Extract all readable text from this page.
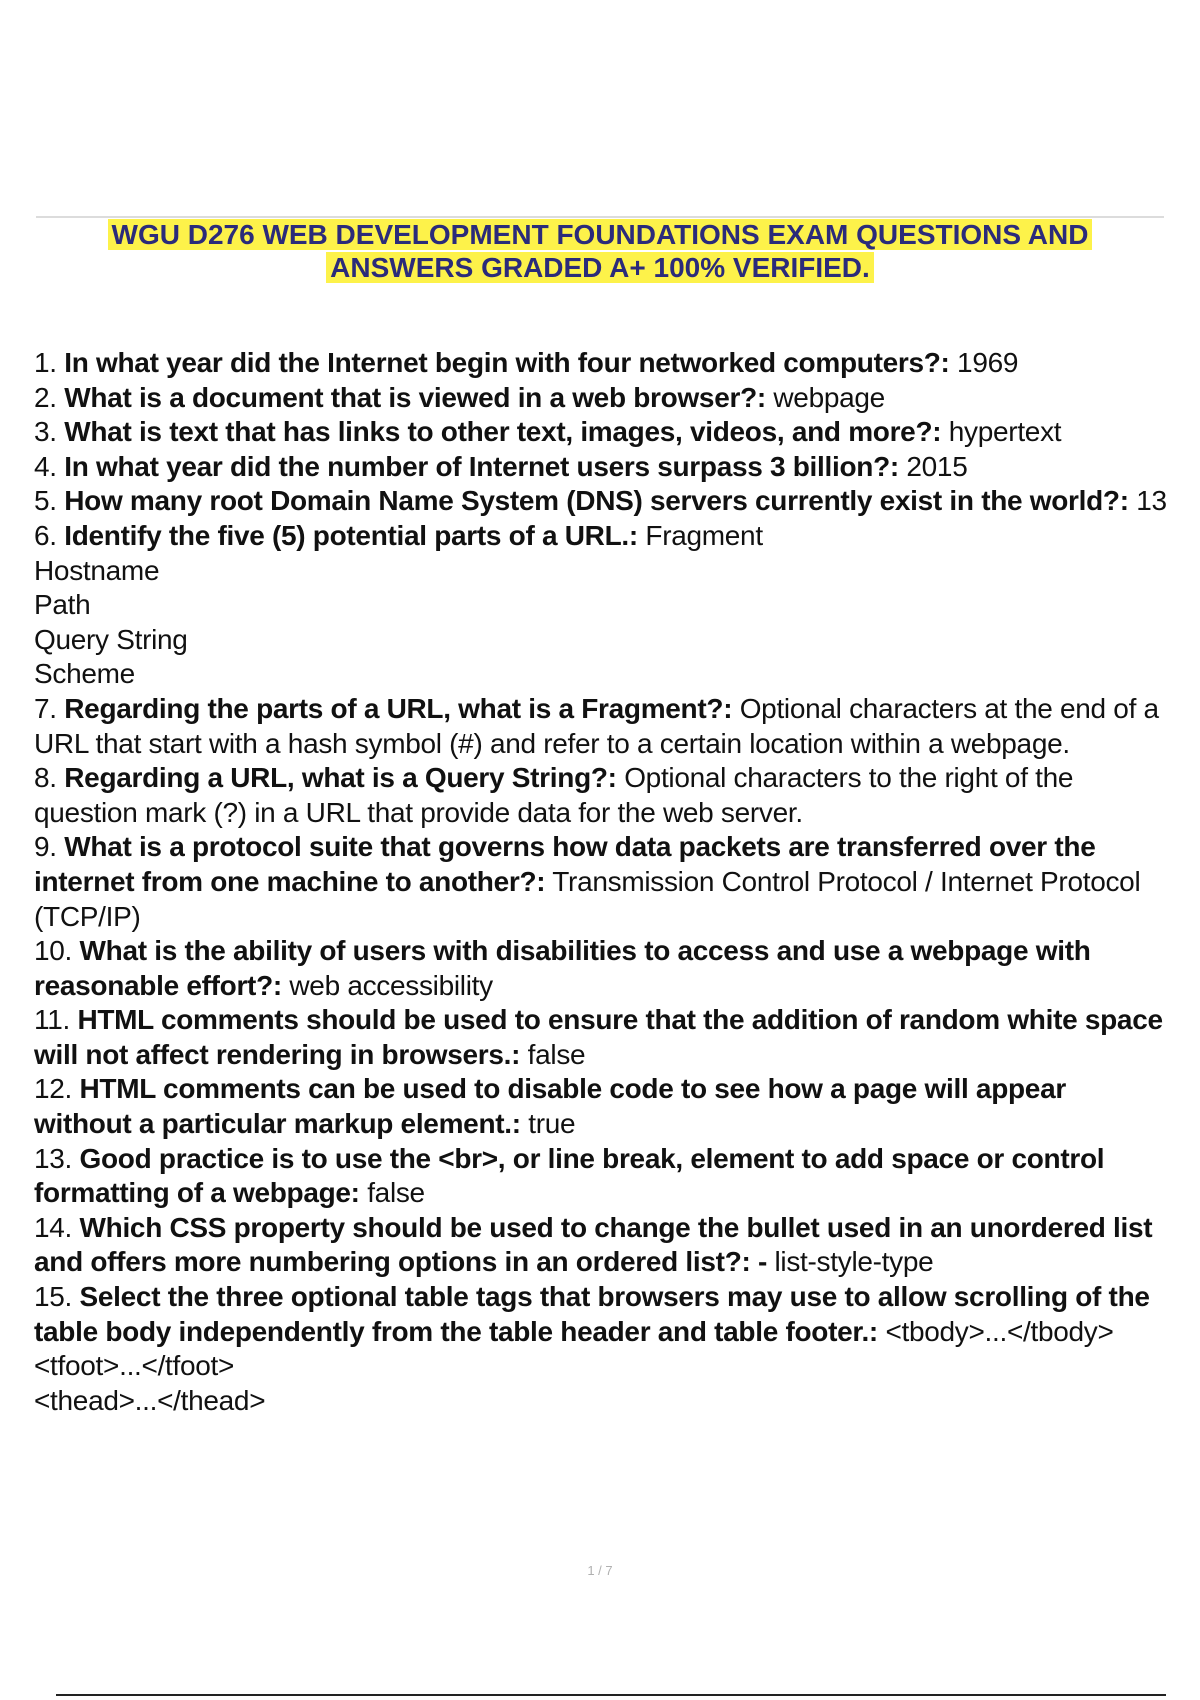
WGU D276 WEB DEVELOPMENT FOUNDATIONS EXAM QUESTIONS AND ANSWERS GRADED A+ 100% VERIFIED.
1. In what year did the Internet begin with four networked computers?: 1969
2. What is a document that is viewed in a web browser?: webpage
3. What is text that has links to other text, images, videos, and more?: hypertext
4. In what year did the number of Internet users surpass 3 billion?: 2015
5. How many root Domain Name System (DNS) servers currently exist in the world?: 13
6. Identify the five (5) potential parts of a URL.: Fragment
Hostname
Path
Query String
Scheme
7. Regarding the parts of a URL, what is a Fragment?: Optional characters at the end of a URL that start with a hash symbol (#) and refer to a certain location within a webpage.
8. Regarding a URL, what is a Query String?: Optional characters to the right of the question mark (?) in a URL that provide data for the web server.
9. What is a protocol suite that governs how data packets are transferred over the internet from one machine to another?: Transmission Control Protocol / Internet Protocol (TCP/IP)
10. What is the ability of users with disabilities to access and use a webpage with reasonable effort?: web accessibility
11. HTML comments should be used to ensure that the addition of random white space will not affect rendering in browsers.: false
12. HTML comments can be used to disable code to see how a page will appear without a particular markup element.: true
13. Good practice is to use the <br>, or line break, element to add space or control formatting of a webpage: false
14. Which CSS property should be used to change the bullet used in an unordered list and offers more numbering options in an ordered list?: - list-style-type
15. Select the three optional table tags that browsers may use to allow scrolling of the table body independently from the table header and table footer.: <tbody>...</tbody>
<tfoot>...</tfoot>
<thead>...</thead>
1 / 7
